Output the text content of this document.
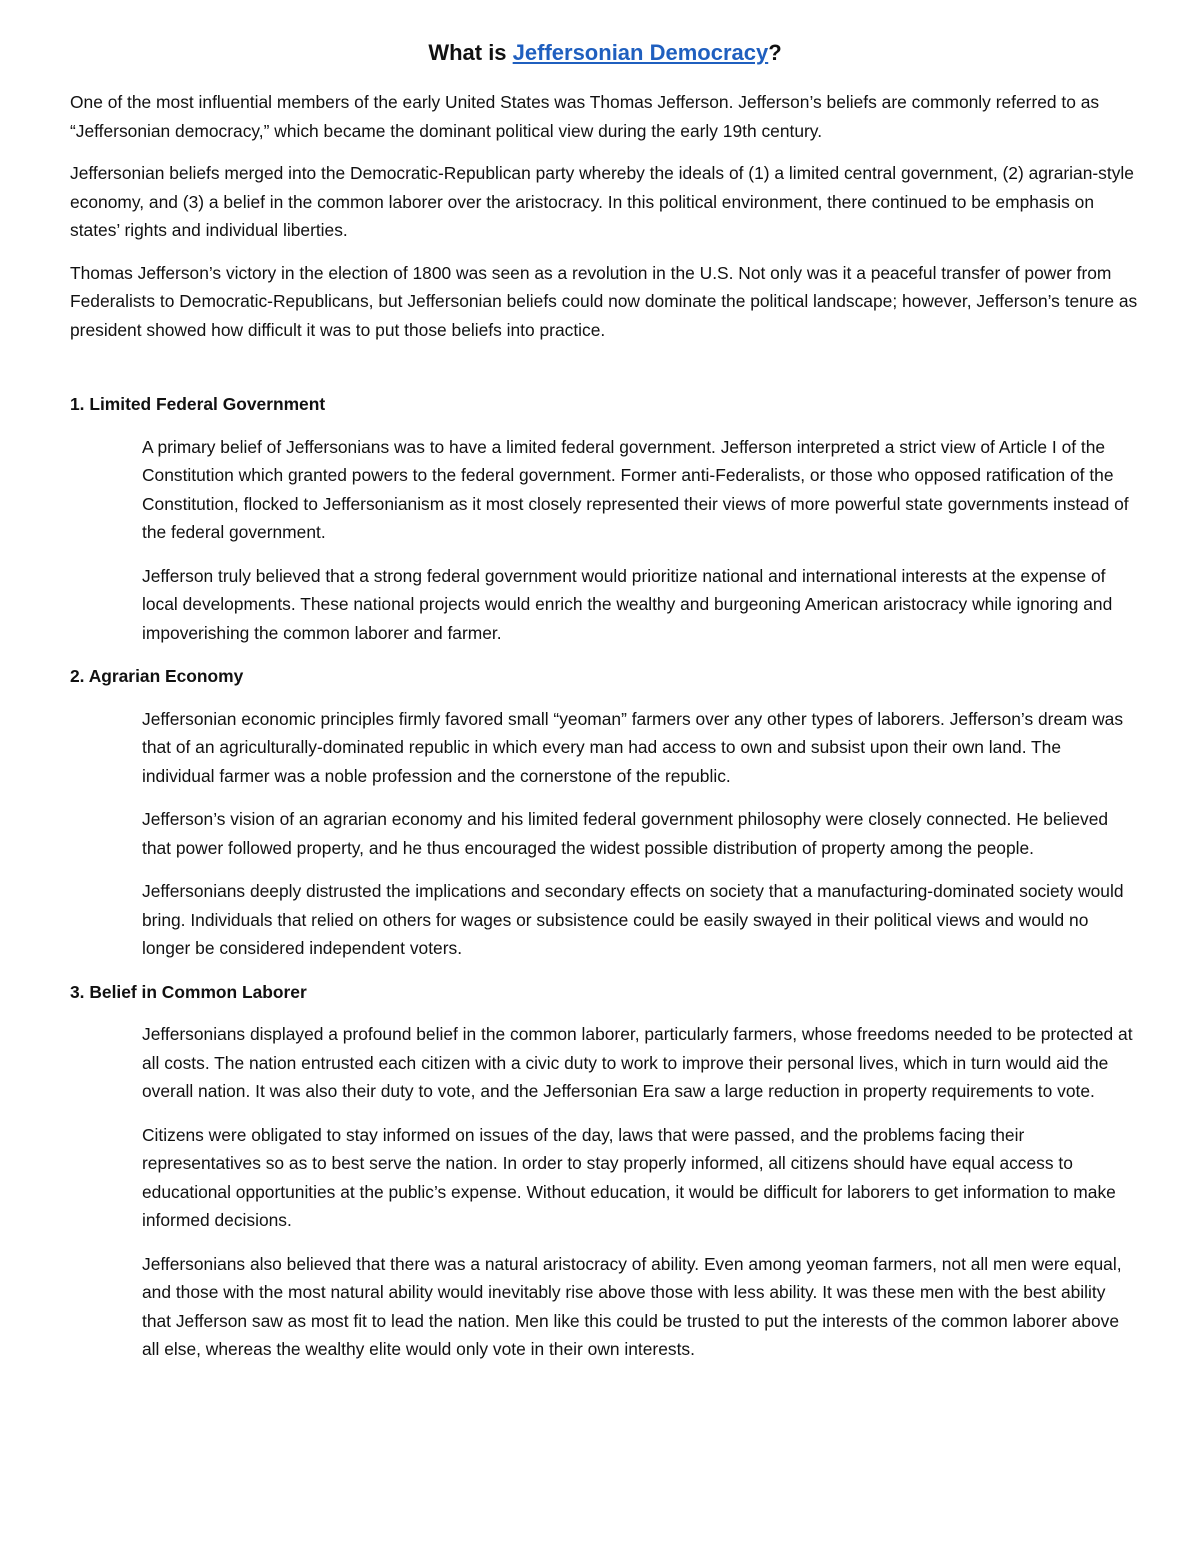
What is Jeffersonian Democracy?

One of the most influential members of the early United States was Thomas Jefferson. Jefferson’s beliefs are commonly referred to as “Jeffersonian democracy,” which became the dominant political view during the early 19th century.

Jeffersonian beliefs merged into the Democratic-Republican party whereby the ideals of (1) a limited central government, (2) agrarian-style economy, and (3) a belief in the common laborer over the aristocracy. In this political environment, there continued to be emphasis on states’ rights and individual liberties.

Thomas Jefferson’s victory in the election of 1800 was seen as a revolution in the U.S. Not only was it a peaceful transfer of power from Federalists to Democratic-Republicans, but Jeffersonian beliefs could now dominate the political landscape; however, Jefferson’s tenure as president showed how difficult it was to put those beliefs into practice.

1. Limited Federal Government

A primary belief of Jeffersonians was to have a limited federal government. Jefferson interpreted a strict view of Article I of the Constitution which granted powers to the federal government. Former anti-Federalists, or those who opposed ratification of the Constitution, flocked to Jeffersonianism as it most closely represented their views of more powerful state governments instead of the federal government.

Jefferson truly believed that a strong federal government would prioritize national and international interests at the expense of local developments. These national projects would enrich the wealthy and burgeoning American aristocracy while ignoring and impoverishing the common laborer and farmer.

2. Agrarian Economy

Jeffersonian economic principles firmly favored small “yeoman” farmers over any other types of laborers. Jefferson’s dream was that of an agriculturally-dominated republic in which every man had access to own and subsist upon their own land. The individual farmer was a noble profession and the cornerstone of the republic.

Jefferson’s vision of an agrarian economy and his limited federal government philosophy were closely connected. He believed that power followed property, and he thus encouraged the widest possible distribution of property among the people.

Jeffersonians deeply distrusted the implications and secondary effects on society that a manufacturing-dominated society would bring. Individuals that relied on others for wages or subsistence could be easily swayed in their political views and would no longer be considered independent voters.

3. Belief in Common Laborer

Jeffersonians displayed a profound belief in the common laborer, particularly farmers, whose freedoms needed to be protected at all costs. The nation entrusted each citizen with a civic duty to work to improve their personal lives, which in turn would aid the overall nation. It was also their duty to vote, and the Jeffersonian Era saw a large reduction in property requirements to vote.

Citizens were obligated to stay informed on issues of the day, laws that were passed, and the problems facing their representatives so as to best serve the nation. In order to stay properly informed, all citizens should have equal access to educational opportunities at the public’s expense. Without education, it would be difficult for laborers to get information to make informed decisions.

Jeffersonians also believed that there was a natural aristocracy of ability. Even among yeoman farmers, not all men were equal, and those with the most natural ability would inevitably rise above those with less ability. It was these men with the best ability that Jefferson saw as most fit to lead the nation. Men like this could be trusted to put the interests of the common laborer above all else, whereas the wealthy elite would only vote in their own interests.
